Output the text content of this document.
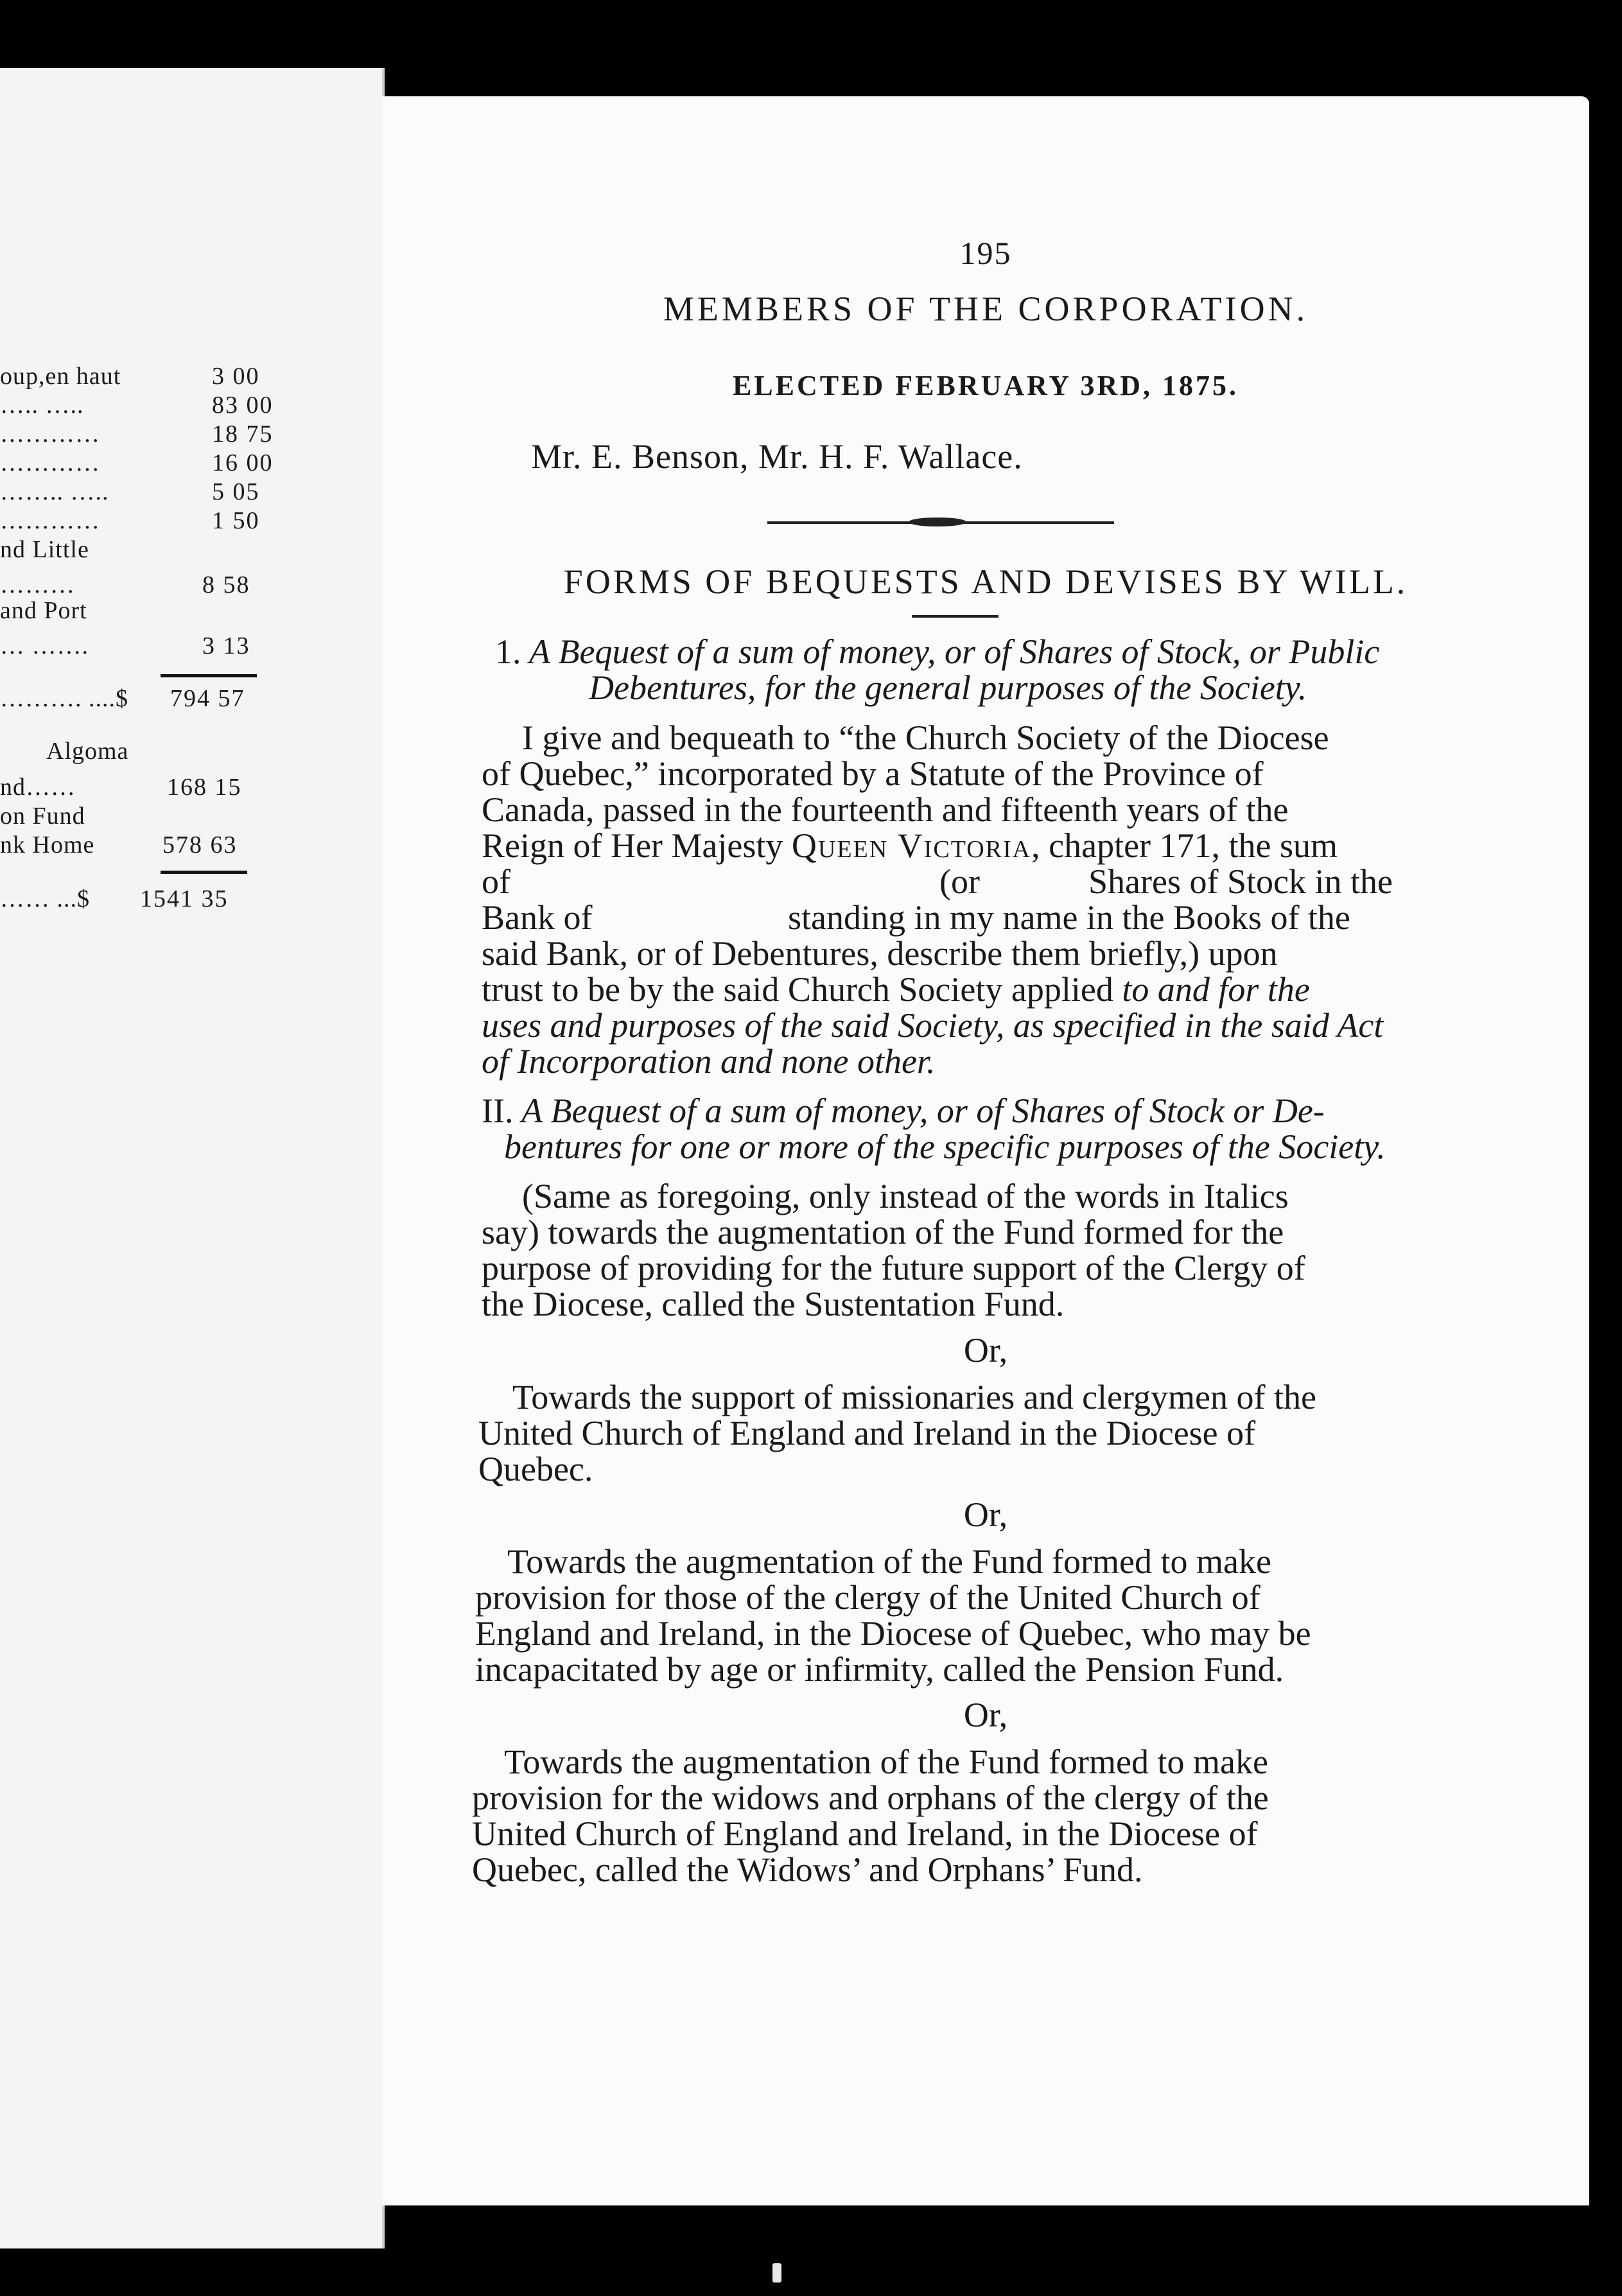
oup,en haut	3 00
….. …..	83 00
…………	18 75
…………	16 00
…….. …..	5 05
…………	1 50
nd Little
………	8 58
and Port
… …….	3 13
………. ....$	794 57
Algoma
nd……	168 15
on Fund
nk Home	578 63
…… ...$	1541 35
195
MEMBERS OF THE CORPORATION.
ELECTED FEBRUARY 3RD, 1875.
Mr. E. Benson, Mr. H. F. Wallace.
FORMS OF BEQUESTS AND DEVISES BY WILL.
1. A Bequest of a sum of money, or of Shares of Stock, or Public
Debentures, for the general purposes of the Society.
I give and bequeath to “the Church Society of the Diocese
of Quebec,” incorporated by a Statute of the Province of
Canada, passed in the fourteenth and fifteenth years of the
Reign of Her Majesty Queen Victoria, chapter 171, the sum
of	(or	Shares of Stock in the
Bank of	standing in my name in the Books of the
said Bank, or of Debentures, describe them briefly,) upon
trust to be by the said Church Society applied to and for the
uses and purposes of the said Society, as specified in the said Act
of Incorporation and none other.
II. A Bequest of a sum of money, or of Shares of Stock or De-
bentures for one or more of the specific purposes of the Society.
(Same as foregoing, only instead of the words in Italics
say) towards the augmentation of the Fund formed for the
purpose of providing for the future support of the Clergy of
the Diocese, called the Sustentation Fund.
Or,
Towards the support of missionaries and clergymen of the
United Church of England and Ireland in the Diocese of
Quebec.
Or,
Towards the augmentation of the Fund formed to make
provision for those of the clergy of the United Church of
England and Ireland, in the Diocese of Quebec, who may be
incapacitated by age or infirmity, called the Pension Fund.
Or,
Towards the augmentation of the Fund formed to make
provision for the widows and orphans of the clergy of the
United Church of England and Ireland, in the Diocese of
Quebec, called the Widows’ and Orphans’ Fund.
